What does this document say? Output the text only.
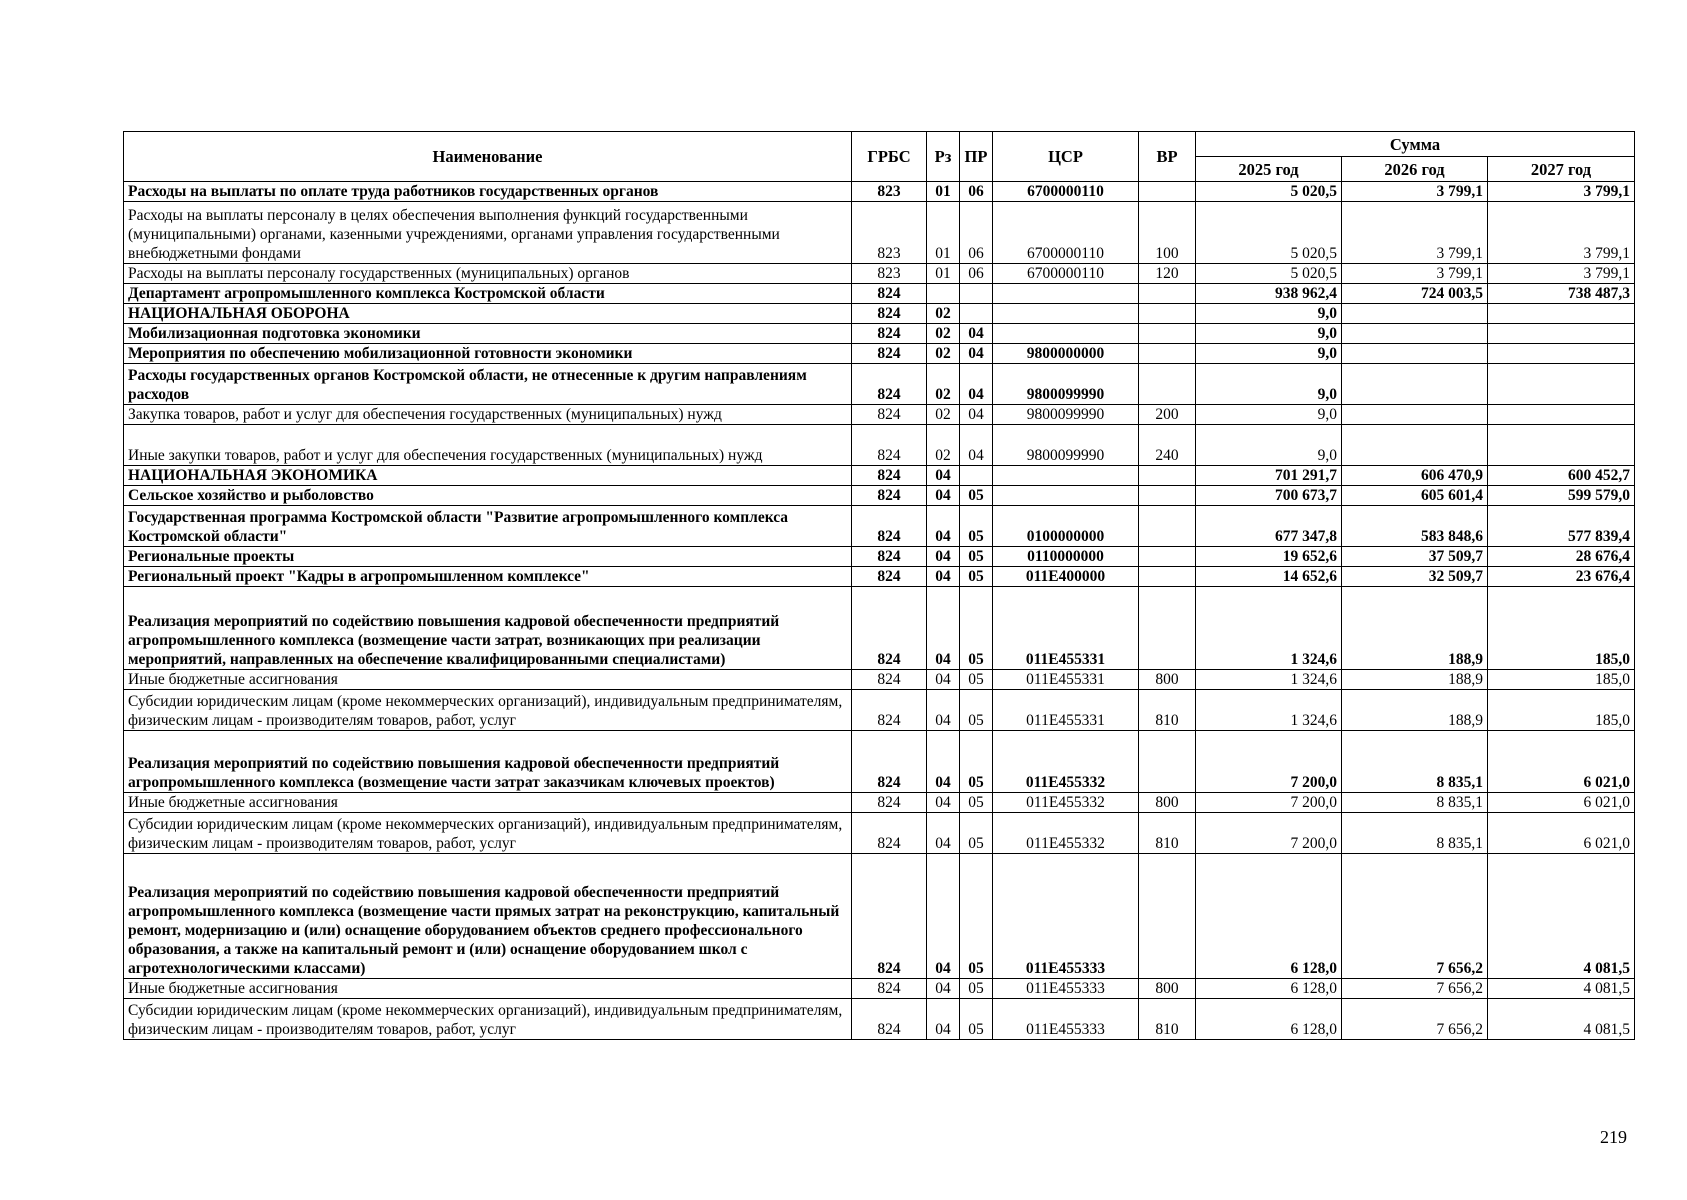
Наименование	ГРБС	Рз	ПР	ЦСР	ВР	Сумма		
						2025 год	2026 год	2027 год
Расходы на выплаты по оплате труда работников государственных органов	823	01	06	6700000110		5 020,5	3 799,1	3 799,1
Расходы на выплаты персоналу в целях обеспечения выполнения функций государственными (муниципальными) органами, казенными учреждениями, органами управления государственными внебюджетными фондами	823	01	06	6700000110	100	5 020,5	3 799,1	3 799,1
Расходы на выплаты персоналу государственных (муниципальных) органов	823	01	06	6700000110	120	5 020,5	3 799,1	3 799,1
Департамент агропромышленного комплекса Костромской области	824					938 962,4	724 003,5	738 487,3
НАЦИОНАЛЬНАЯ ОБОРОНА	824	02				9,0		
Мобилизационная подготовка экономики	824	02	04			9,0		
Мероприятия по обеспечению мобилизационной готовности экономики	824	02	04	9800000000		9,0		
Расходы государственных органов Костромской области, не отнесенные к другим направлениям расходов	824	02	04	9800099990		9,0		
Закупка товаров, работ и услуг для обеспечения государственных (муниципальных) нужд	824	02	04	9800099990	200	9,0		
Иные закупки товаров, работ и услуг для обеспечения государственных (муниципальных) нужд	824	02	04	9800099990	240	9,0		
НАЦИОНАЛЬНАЯ ЭКОНОМИКА	824	04				701 291,7	606 470,9	600 452,7
Сельское хозяйство и рыболовство	824	04	05			700 673,7	605 601,4	599 579,0
Государственная программа Костромской области "Развитие агропромышленного комплекса Костромской области"	824	04	05	0100000000		677 347,8	583 848,6	577 839,4
Региональные проекты	824	04	05	0110000000		19 652,6	37 509,7	28 676,4
Региональный проект "Кадры в агропромышленном комплексе"	824	04	05	011E400000		14 652,6	32 509,7	23 676,4
Реализация мероприятий по содействию повышения кадровой обеспеченности предприятий агропромышленного комплекса (возмещение части затрат, возникающих при реализации мероприятий, направленных на обеспечение квалифицированными специалистами)	824	04	05	011E455331		1 324,6	188,9	185,0
Иные бюджетные ассигнования	824	04	05	011E455331	800	1 324,6	188,9	185,0
Субсидии юридическим лицам (кроме некоммерческих организаций), индивидуальным предпринимателям, физическим лицам - производителям товаров, работ, услуг	824	04	05	011E455331	810	1 324,6	188,9	185,0
Реализация мероприятий по содействию повышения кадровой обеспеченности предприятий агропромышленного комплекса (возмещение части затрат заказчикам ключевых проектов)	824	04	05	011E455332		7 200,0	8 835,1	6 021,0
Иные бюджетные ассигнования	824	04	05	011E455332	800	7 200,0	8 835,1	6 021,0
Субсидии юридическим лицам (кроме некоммерческих организаций), индивидуальным предпринимателям, физическим лицам - производителям товаров, работ, услуг	824	04	05	011E455332	810	7 200,0	8 835,1	6 021,0
Реализация мероприятий по содействию повышения кадровой обеспеченности предприятий агропромышленного комплекса (возмещение части прямых затрат на реконструкцию, капитальный ремонт, модернизацию и (или) оснащение оборудованием объектов среднего профессионального образования, а также на капитальный ремонт и (или) оснащение оборудованием школ с агротехнологическими классами)	824	04	05	011E455333		6 128,0	7 656,2	4 081,5
Иные бюджетные ассигнования	824	04	05	011E455333	800	6 128,0	7 656,2	4 081,5
Субсидии юридическим лицам (кроме некоммерческих организаций), индивидуальным предпринимателям, физическим лицам - производителям товаров, работ, услуг	824	04	05	011E455333	810	6 128,0	7 656,2	4 081,5
219
